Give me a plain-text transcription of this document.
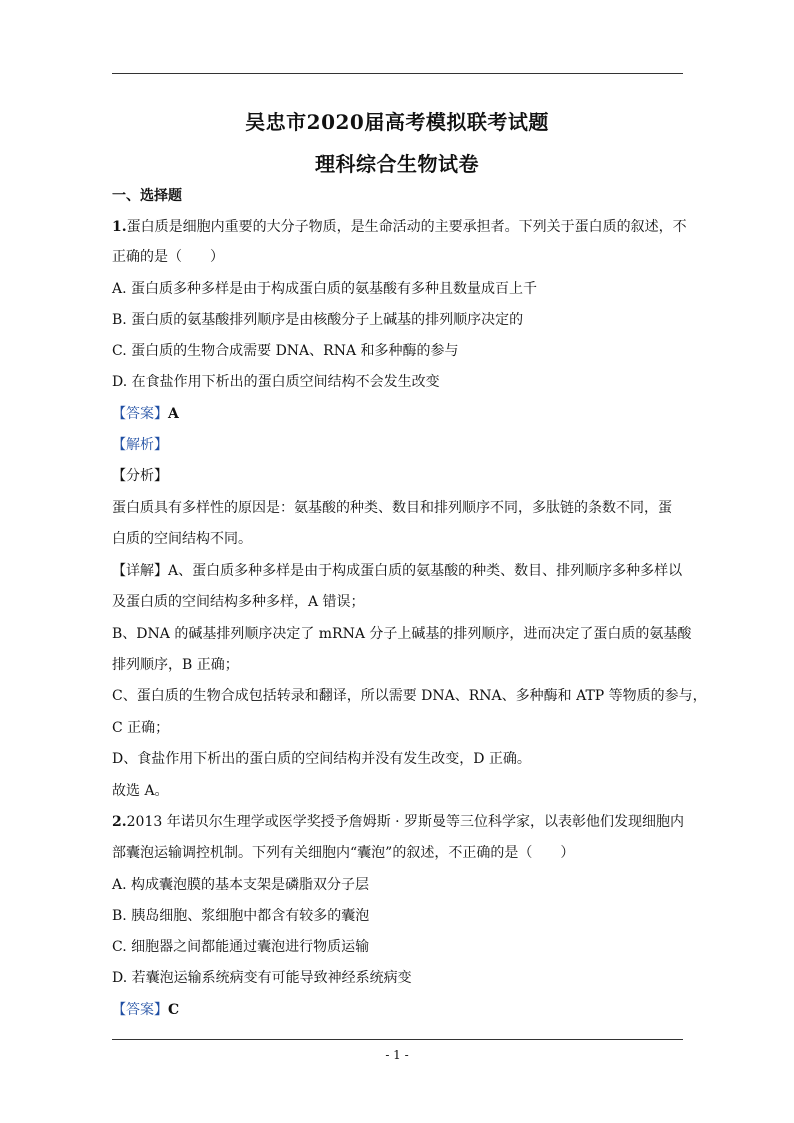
吴忠市2020届高考模拟联考试题
理科综合生物试卷
一、选择题
1.蛋白质是细胞内重要的大分子物质，是生命活动的主要承担者。下列关于蛋白质的叙述，不
正确的是（　　）
A. 蛋白质多种多样是由于构成蛋白质的氨基酸有多种且数量成百上千
B. 蛋白质的氨基酸排列顺序是由核酸分子上碱基的排列顺序决定的
C. 蛋白质的生物合成需要 DNA、RNA 和多种酶的参与
D. 在食盐作用下析出的蛋白质空间结构不会发生改变
【答案】A
【解析】
【分析】
蛋白质具有多样性的原因是：氨基酸的种类、数目和排列顺序不同，多肽链的条数不同，蛋
白质的空间结构不同。
【详解】A、蛋白质多种多样是由于构成蛋白质的氨基酸的种类、数目、排列顺序多种多样以
及蛋白质的空间结构多种多样，A 错误；
B、DNA 的碱基排列顺序决定了 mRNA 分子上碱基的排列顺序，进而决定了蛋白质的氨基酸
排列顺序，B 正确；
C、蛋白质的生物合成包括转录和翻译，所以需要 DNA、RNA、多种酶和 ATP 等物质的参与，
C 正确；
D、食盐作用下析出的蛋白质的空间结构并没有发生改变，D 正确。
故选 A。
2.2013 年诺贝尔生理学或医学奖授予詹姆斯 · 罗斯曼等三位科学家，以表彰他们发现细胞内
部囊泡运输调控机制。下列有关细胞内“囊泡”的叙述，不正确的是（　　）
A. 构成囊泡膜的基本支架是磷脂双分子层
B. 胰岛细胞、浆细胞中都含有较多的囊泡
C. 细胞器之间都能通过囊泡进行物质运输
D. 若囊泡运输系统病变有可能导致神经系统病变
【答案】C
- 1 -
